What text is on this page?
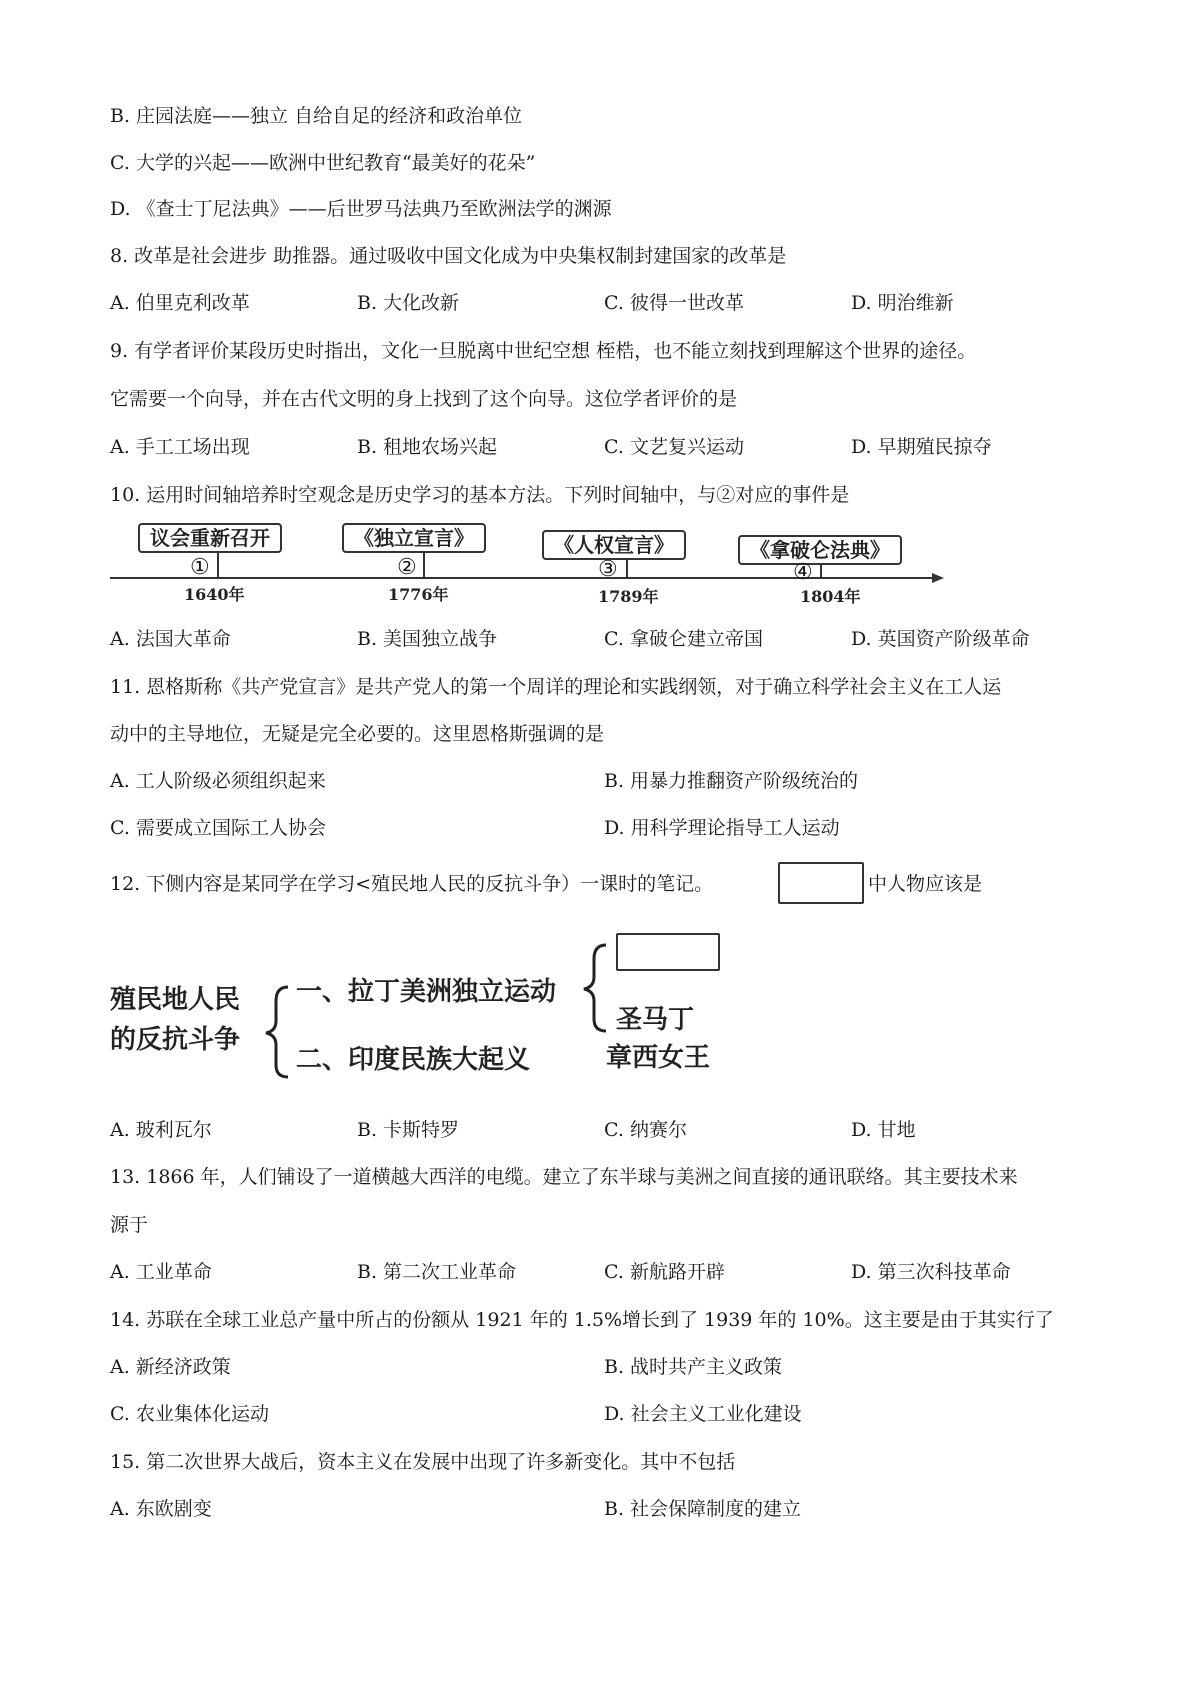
B. 庄园法庭——独立 自给自足的经济和政治单位
C. 大学的兴起——欧洲中世纪教育“最美好的花朵”
D. 《查士丁尼法典》——后世罗马法典乃至欧洲法学的渊源
8. 改革是社会进步 助推器。通过吸收中国文化成为中央集权制封建国家的改革是
A. 伯里克利改革	B. 大化改新	C. 彼得一世改革	D. 明治维新
9. 有学者评价某段历史时指出，文化一旦脱离中世纪空想 桎梏，也不能立刻找到理解这个世界的途径。
它需要一个向导，并在古代文明的身上找到了这个向导。这位学者评价的是
A. 手工工场出现	B. 租地农场兴起	C. 文艺复兴运动	D. 早期殖民掠夺
10. 运用时间轴培养时空观念是历史学习的基本方法。下列时间轴中，与②对应的事件是
议会重新召开
①
1640年
《独立宣言》
②
1776年
《人权宣言》
③
1789年
《拿破仑法典》
④
1804年
A. 法国大革命	B. 美国独立战争	C. 拿破仑建立帝国	D. 英国资产阶级革命
11. 恩格斯称《共产党宣言》是共产党人的第一个周详的理论和实践纲领，对于确立科学社会主义在工人运
动中的主导地位，无疑是完全必要的。这里恩格斯强调的是
A. 工人阶级必须组织起来	B. 用暴力推翻资产阶级统治的
C. 需要成立国际工人协会	D. 用科学理论指导工人运动
12. 下侧内容是某同学在学习<殖民地人民的反抗斗争）一课时的笔记。	中人物应该是
殖民地人民
的反抗斗争
一、拉丁美洲独立运动
二、印度民族大起义
圣马丁
章西女王
A. 玻利瓦尔	B. 卡斯特罗	C. 纳赛尔	D. 甘地
13. 1866 年，人们铺设了一道横越大西洋的电缆。建立了东半球与美洲之间直接的通讯联络。其主要技术来
源于
A. 工业革命	B. 第二次工业革命	C. 新航路开辟	D. 第三次科技革命
14. 苏联在全球工业总产量中所占的份额从 1921 年的 1.5%增长到了 1939 年的 10%。这主要是由于其实行了
A. 新经济政策	B. 战时共产主义政策
C. 农业集体化运动	D. 社会主义工业化建设
15. 第二次世界大战后，资本主义在发展中出现了许多新变化。其中不包括
A. 东欧剧变	B. 社会保障制度的建立
